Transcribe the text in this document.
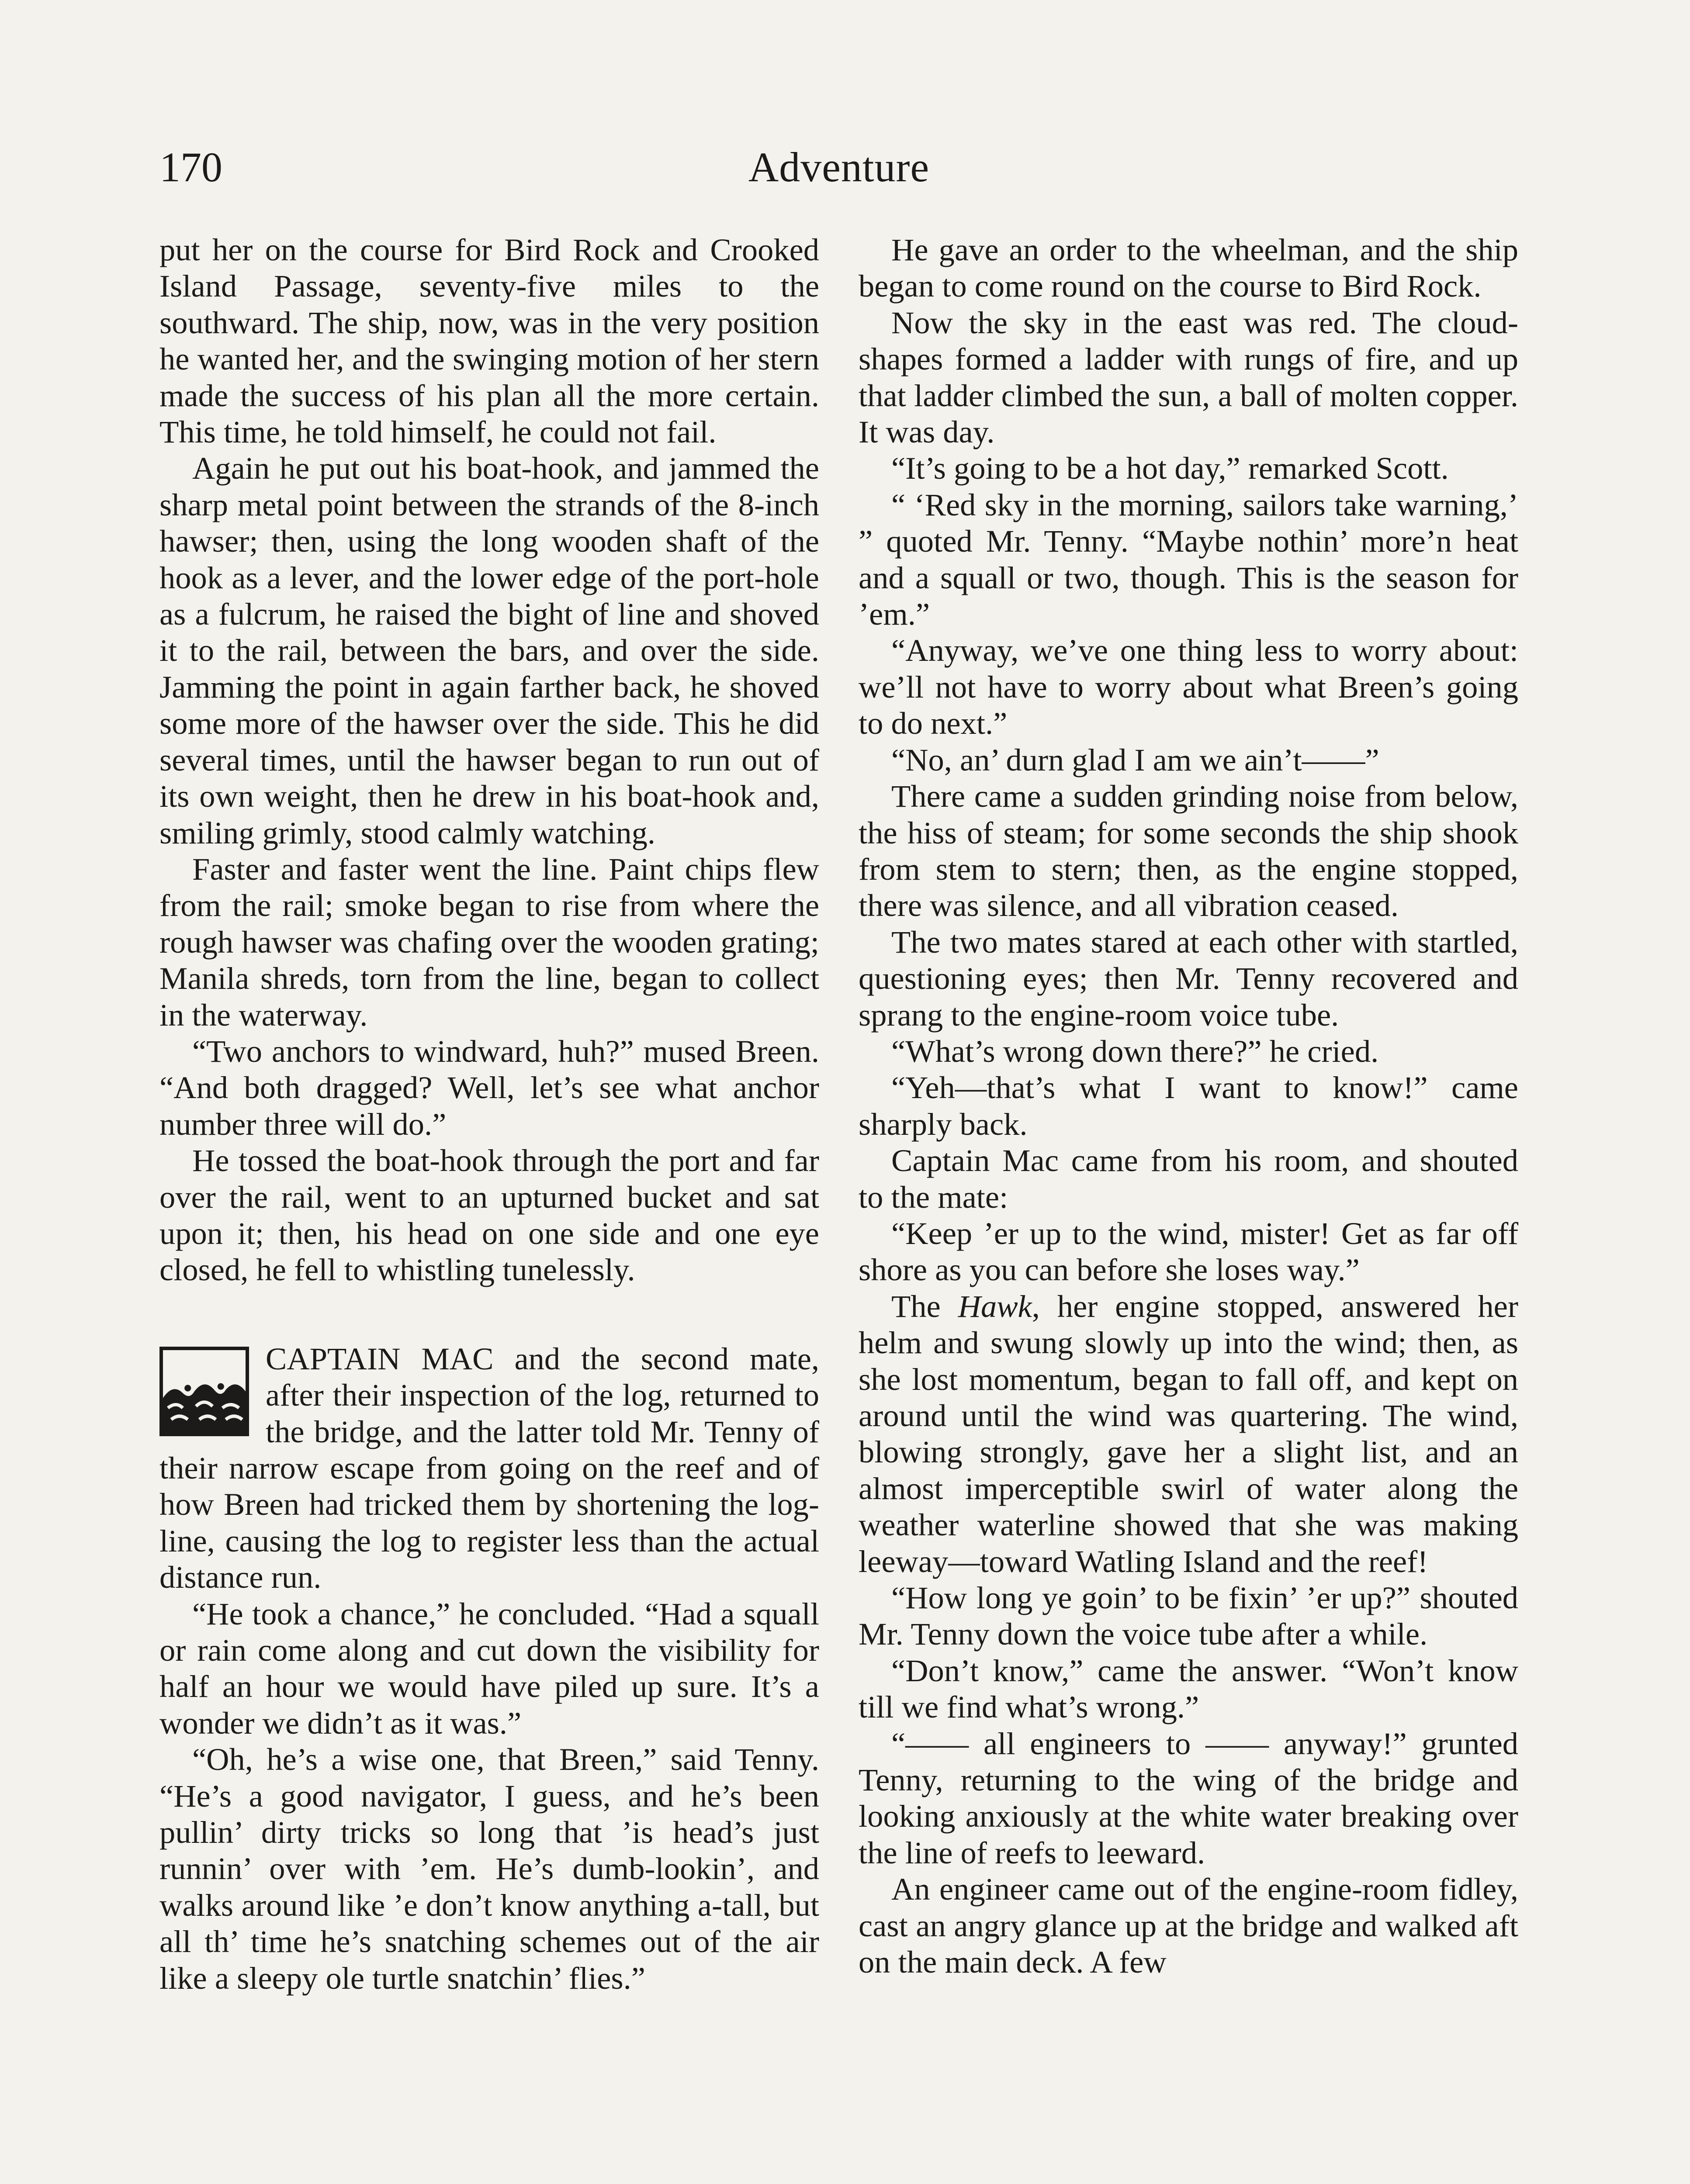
170	Adventure

put her on the course for Bird Rock and Crooked Island Passage, seventy-five miles to the southward. The ship, now, was in the very position he wanted her, and the swinging motion of her stern made the success of his plan all the more certain. This time, he told himself, he could not fail.

Again he put out his boat-hook, and jammed the sharp metal point between the strands of the 8-inch hawser; then, using the long wooden shaft of the hook as a lever, and the lower edge of the port-hole as a fulcrum, he raised the bight of line and shoved it to the rail, between the bars, and over the side. Jamming the point in again farther back, he shoved some more of the hawser over the side. This he did several times, until the hawser began to run out of its own weight, then he drew in his boat-hook and, smiling grimly, stood calmly watching.

Faster and faster went the line. Paint chips flew from the rail; smoke began to rise from where the rough hawser was chafing over the wooden grating; Manila shreds, torn from the line, began to collect in the waterway.

“Two anchors to windward, huh?” mused Breen. “And both dragged? Well, let’s see what anchor number three will do.”

He tossed the boat-hook through the port and far over the rail, went to an upturned bucket and sat upon it; then, his head on one side and one eye closed, he fell to whistling tunelessly.

CAPTAIN MAC and the second mate, after their inspection of the log, returned to the bridge, and the latter told Mr. Tenny of their narrow escape from going on the reef and of how Breen had tricked them by shortening the log-line, causing the log to register less than the actual distance run.

“He took a chance,” he concluded. “Had a squall or rain come along and cut down the visibility for half an hour we would have piled up sure. It’s a wonder we didn’t as it was.”

“Oh, he’s a wise one, that Breen,” said Tenny. “He’s a good navigator, I guess, and he’s been pullin’ dirty tricks so long that ’is head’s just runnin’ over with ’em. He’s dumb-lookin’, and walks around like ’e don’t know anything a-tall, but all th’ time he’s snatching schemes out of the air like a sleepy ole turtle snatchin’ flies.”

He gave an order to the wheelman, and the ship began to come round on the course to Bird Rock.

Now the sky in the east was red. The cloud-shapes formed a ladder with rungs of fire, and up that ladder climbed the sun, a ball of molten copper. It was day.

“It’s going to be a hot day,” remarked Scott.

“ ‘Red sky in the morning, sailors take warning,’ ” quoted Mr. Tenny. “Maybe nothin’ more’n heat and a squall or two, though. This is the season for ’em.”

“Anyway, we’ve one thing less to worry about: we’ll not have to worry about what Breen’s going to do next.”

“No, an’ durn glad I am we ain’t——”

There came a sudden grinding noise from below, the hiss of steam; for some seconds the ship shook from stem to stern; then, as the engine stopped, there was silence, and all vibration ceased.

The two mates stared at each other with startled, questioning eyes; then Mr. Tenny recovered and sprang to the engine-room voice tube.

“What’s wrong down there?” he cried.

“Yeh—that’s what I want to know!” came sharply back.

Captain Mac came from his room, and shouted to the mate:

“Keep ’er up to the wind, mister! Get as far off shore as you can before she loses way.”

The Hawk, her engine stopped, answered her helm and swung slowly up into the wind; then, as she lost momentum, began to fall off, and kept on around until the wind was quartering. The wind, blowing strongly, gave her a slight list, and an almost imperceptible swirl of water along the weather waterline showed that she was making leeway—toward Watling Island and the reef!

“How long ye goin’ to be fixin’ ’er up?” shouted Mr. Tenny down the voice tube after a while.

“Don’t know,” came the answer. “Won’t know till we find what’s wrong.”

“—— all engineers to —— anyway!” grunted Tenny, returning to the wing of the bridge and looking anxiously at the white water breaking over the line of reefs to leeward.

An engineer came out of the engine-room fidley, cast an angry glance up at the bridge and walked aft on the main deck. A few
